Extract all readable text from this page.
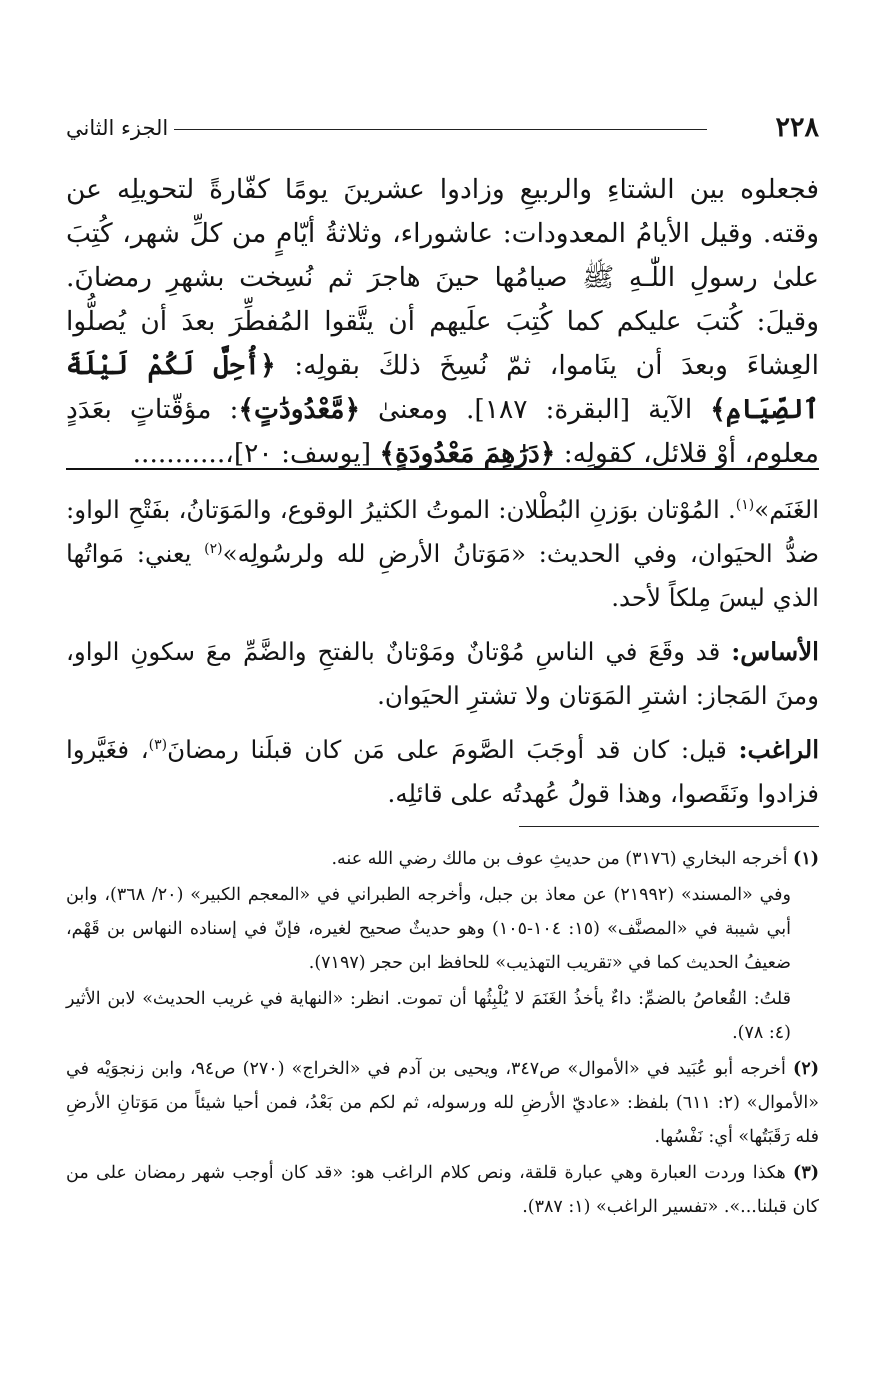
٢٢٨
الجزء الثاني

فجعلوه بين الشتاءِ والربيعِ وزادوا عشرينَ يومًا كفّارةً لتحويلِه عن وقته. وقيل الأيامُ المعدودات: عاشوراء، وثلاثةُ أيّامٍ من كلِّ شهر، كُتِبَ علىٰ رسولِ اللّٰـهِ ﷺ صيامُها حينَ هاجرَ ثم نُسِخت بشهرِ رمضانَ. وقيلَ: كُتبَ عليكم كما كُتِبَ علَيهم أن يتَّقوا المُفطِّرَ بعدَ أن يُصلُّوا العِشاءَ وبعدَ أن ينَاموا، ثمّ نُسِخَ ذلكَ بقولِه: ﴿أُحِلَّ لَكُمْ لَيْلَةَ ٱلصِّيَامِ﴾ الآية [البقرة: ١٨٧]. ومعنىٰ ﴿مَّعْدُودَٰتٍ﴾: مؤقّتاتٍ بعَدَدٍ معلوم، أوْ قلائل، كقولِه: ﴿دَرَٰهِمَ مَعْدُودَةٍ﴾ [يوسف: ٢٠]،...........

الغَنَم»$^{(١)}$. المُوْتان بوَزنِ البُطْلان: الموتُ الكثيرُ الوقوع، والمَوَتانُ، بفَتْحِ الواو: ضدُّ الحيَوان، وفي الحديث: «مَوَتانُ الأرضِ لله ولرسُولِه»$^{(٢)}$ يعني: مَواتُها الذي ليسَ مِلكاً لأحد.

الأساس: قد وقَعَ في الناسِ مُوْتانٌ ومَوْتانٌ بالفتحِ والضَّمِّ معَ سكونِ الواو، ومنَ المَجاز: اشترِ المَوَتان ولا تشترِ الحيَوان.

الراغب: قيل: كان قد أوجَبَ الصَّومَ على مَن كان قبلَنا رمضانَ$^{(٣)}$، فغَيَّروا فزادوا ونَقَصوا، وهذا قولُ عُهدتُه على قائلِه.

(١) أخرجه البخاري (٣١٧٦) من حديثِ عوف بن مالك رضي الله عنه.

وفي «المسند» (٢١٩٩٢) عن معاذ بن جبل، وأخرجه الطبراني في «المعجم الكبير» (٢٠/ ٣٦٨)، وابن أبي شيبة في «المصنَّف» (١٥: ١٠٤-١٠٥) وهو حديثٌ صحيح لغيره، فإنّ في إسناده النهاس بن قَهْم، ضعيفُ الحديث كما في «تقريب التهذيب» للحافظ ابن حجر (٧١٩٧).

قلتُ: القُعاصُ بالضمِّ: داءٌ يأخذُ الغَنَمَ لا يُلْبِثُها أن تموت. انظر: «النهاية في غريب الحديث» لابن الأثير (٤: ٧٨).

(٢) أخرجه أبو عُبَيد في «الأموال» ص٣٤٧، ويحيى بن آدم في «الخراج» (٢٧٠) ص٩٤، وابن زنجوَيْه في «الأموال» (٢: ٦١١) بلفظ: «عاديّ الأرضِ لله ورسوله، ثم لكم من بَعْدُ، فمن أحيا شيئاً من مَوَتانِ الأرضِ فله رَقَبَتُها» أي: نَفْسُها.

(٣) هكذا وردت العبارة وهي عبارة قلقة، ونص كلام الراغب هو: «قد كان أوجب شهر رمضان على من كان قبلنا...». «تفسير الراغب» (١: ٣٨٧).
